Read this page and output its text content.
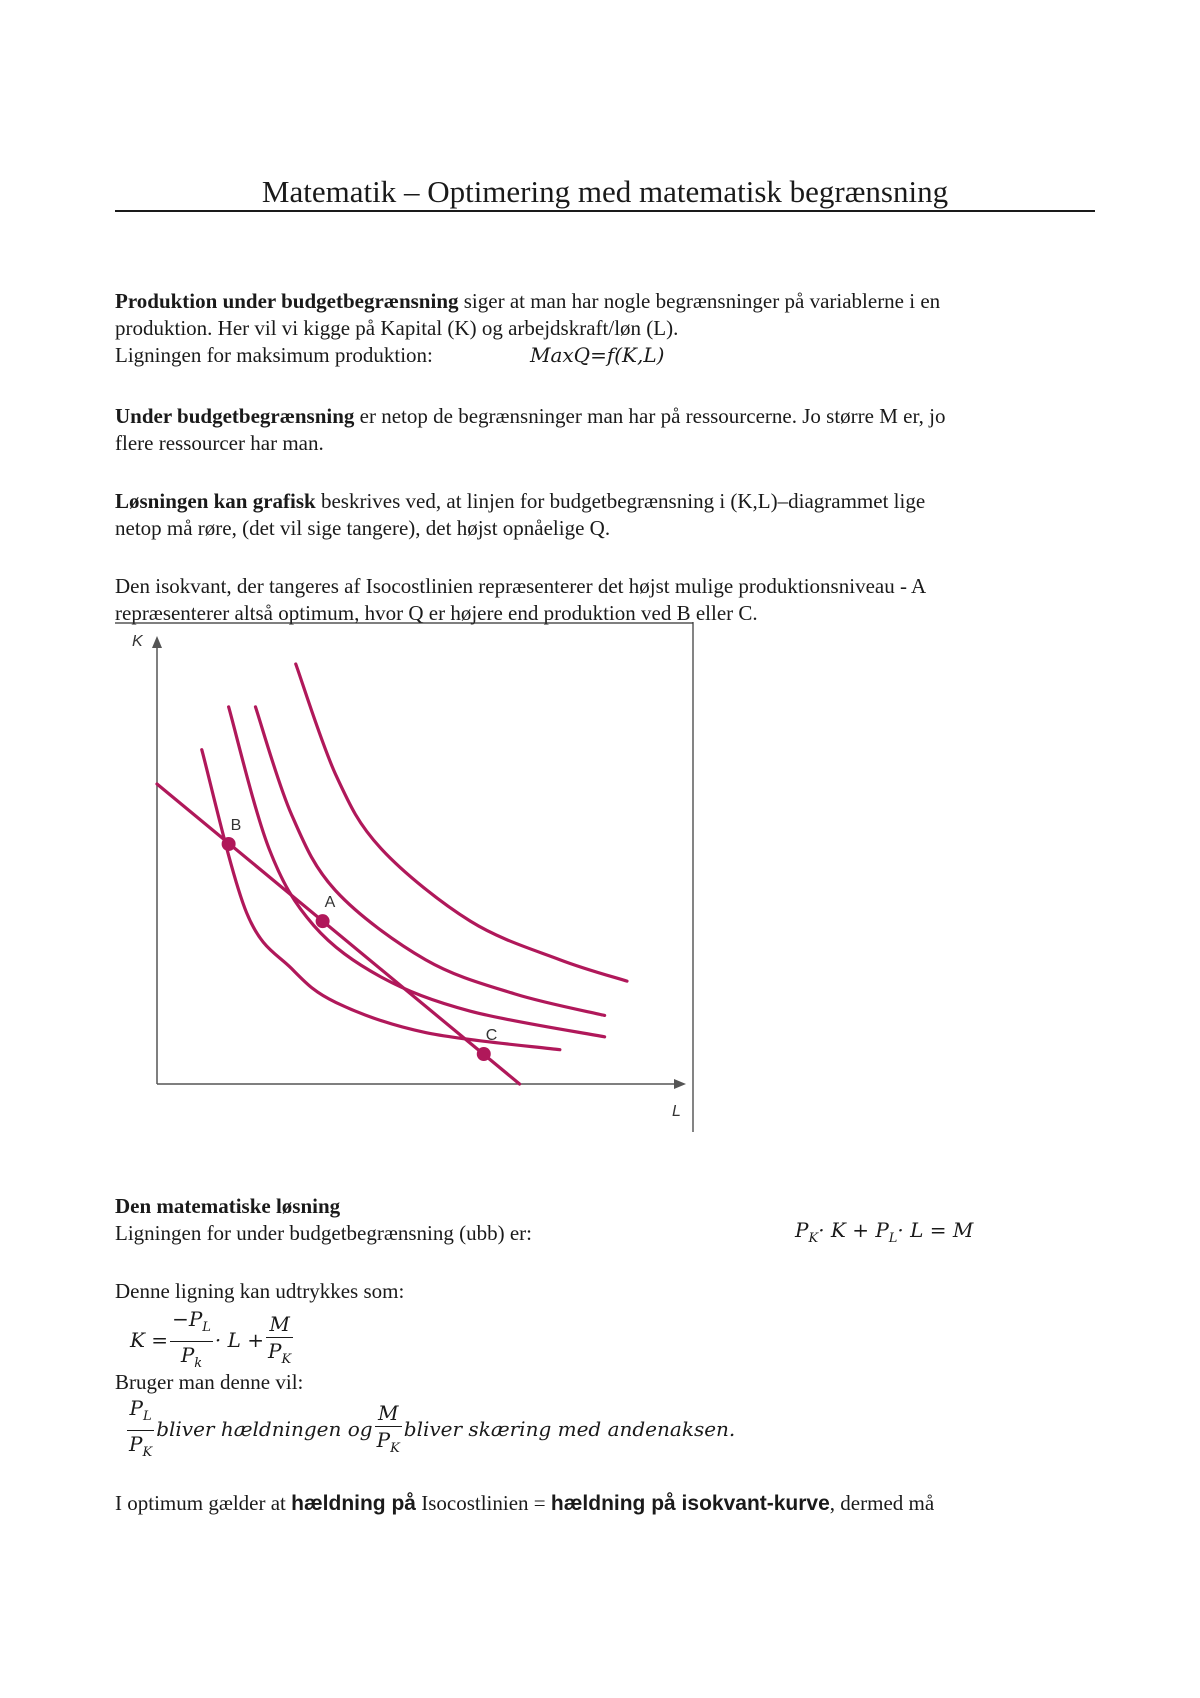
Matematik – Optimering med matematisk begrænsning
Produktion under budgetbegrænsning siger at man har nogle begrænsninger på variablerne i en
produktion. Her vil vi kigge på Kapital (K) og arbejdskraft/løn (L).
Ligningen for maksimum produktion:	MaxQ=f(K,L)
Under budgetbegrænsning er netop de begrænsninger man har på ressourcerne. Jo større M er, jo
flere ressourcer har man.
Løsningen kan grafisk beskrives ved, at linjen for budgetbegrænsning i (K,L)–diagrammet lige
netop må røre, (det vil sige tangere), det højst opnåelige Q.
Den isokvant, der tangeres af Isocostlinien repræsenterer det højst mulige produktionsniveau - A
repræsenterer altså optimum, hvor Q er højere end produktion ved B eller C.
K
L
B
A
C
Den matematiske løsning
Ligningen for under budgetbegrænsning (ubb) er:	$P_K\cdot K + P_L\cdot L = M$
Denne ligning kan udtrykkes som:
$K = \frac{-P_L}{P_k} \cdot L + \frac{M}{P_K}$
Bruger man denne vil:
$\frac{P_L}{P_K}$ bliver hældningen og $\frac{M}{P_K}$ bliver skæring med andenaksen.
I optimum gælder at hældning på Isocostlinien = hældning på isokvant-kurve, dermed må
